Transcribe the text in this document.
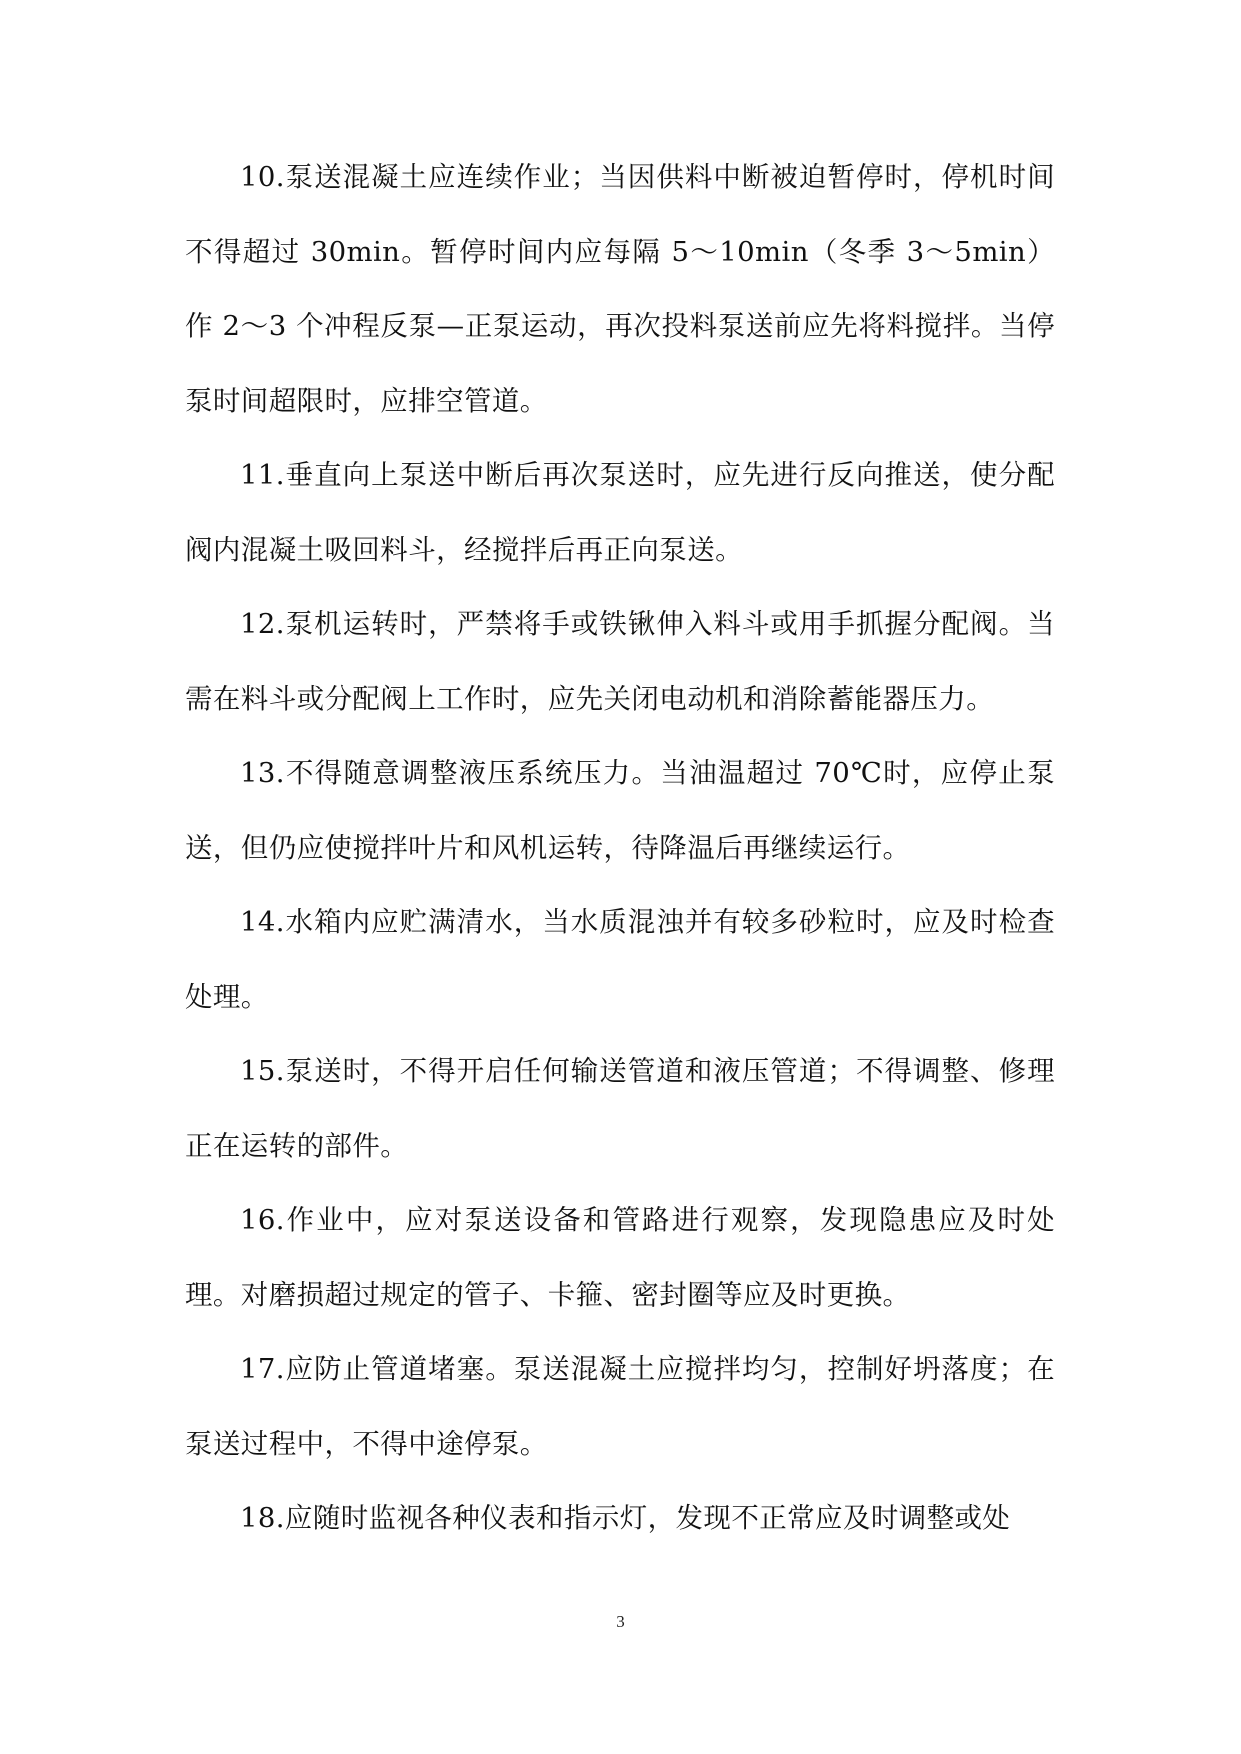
10.泵送混凝土应连续作业；当因供料中断被迫暂停时，停机时间不得超过 30min。暂停时间内应每隔 5～10min（冬季 3～5min）作 2～3 个冲程反泵—正泵运动，再次投料泵送前应先将料搅拌。当停泵时间超限时，应排空管道。

11.垂直向上泵送中断后再次泵送时，应先进行反向推送，使分配阀内混凝土吸回料斗，经搅拌后再正向泵送。

12.泵机运转时，严禁将手或铁锹伸入料斗或用手抓握分配阀。当需在料斗或分配阀上工作时，应先关闭电动机和消除蓄能器压力。

13.不得随意调整液压系统压力。当油温超过 70℃时，应停止泵送，但仍应使搅拌叶片和风机运转，待降温后再继续运行。

14.水箱内应贮满清水，当水质混浊并有较多砂粒时，应及时检查处理。

15.泵送时，不得开启任何输送管道和液压管道；不得调整、修理正在运转的部件。

16.作业中，应对泵送设备和管路进行观察，发现隐患应及时处理。对磨损超过规定的管子、卡箍、密封圈等应及时更换。

17.应防止管道堵塞。泵送混凝土应搅拌均匀，控制好坍落度；在泵送过程中，不得中途停泵。

18.应随时监视各种仪表和指示灯，发现不正常应及时调整或处

3
